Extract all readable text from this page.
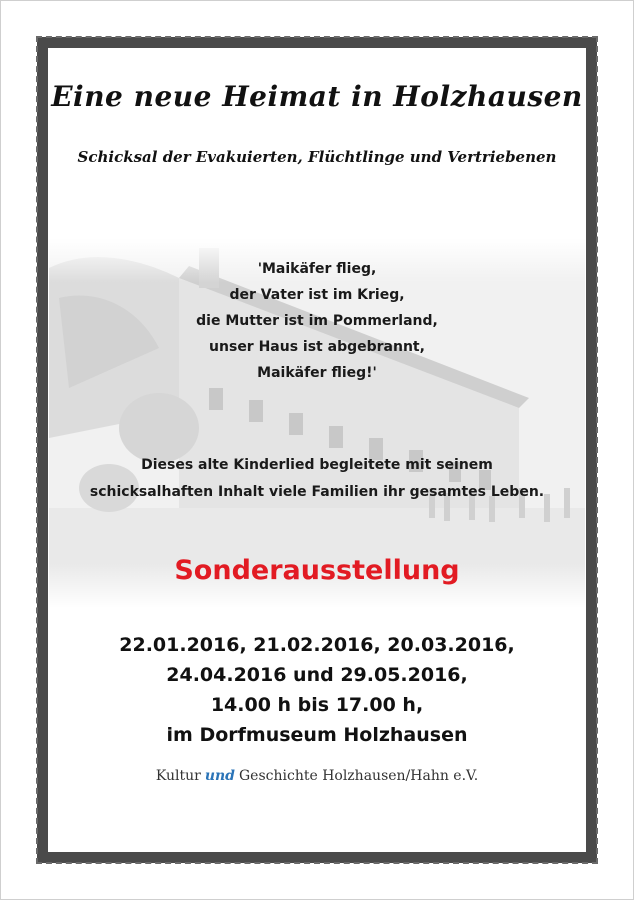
Eine neue Heimat in Holzhausen
Schicksal der Evakuierten, Flüchtlinge und Vertriebenen
'Maikäfer flieg,
der Vater ist im Krieg,
die Mutter ist im Pommerland,
unser Haus ist abgebrannt,
Maikäfer flieg!'
Dieses alte Kinderlied begleitete mit seinem
schicksalhaften Inhalt viele Familien ihr gesamtes Leben.
Sonderausstellung
22.01.2016, 21.02.2016, 20.03.2016,
24.04.2016 und 29.05.2016,
14.00 h bis 17.00 h,
im Dorfmuseum Holzhausen
Kultur und Geschichte Holzhausen/Hahn e.V.
